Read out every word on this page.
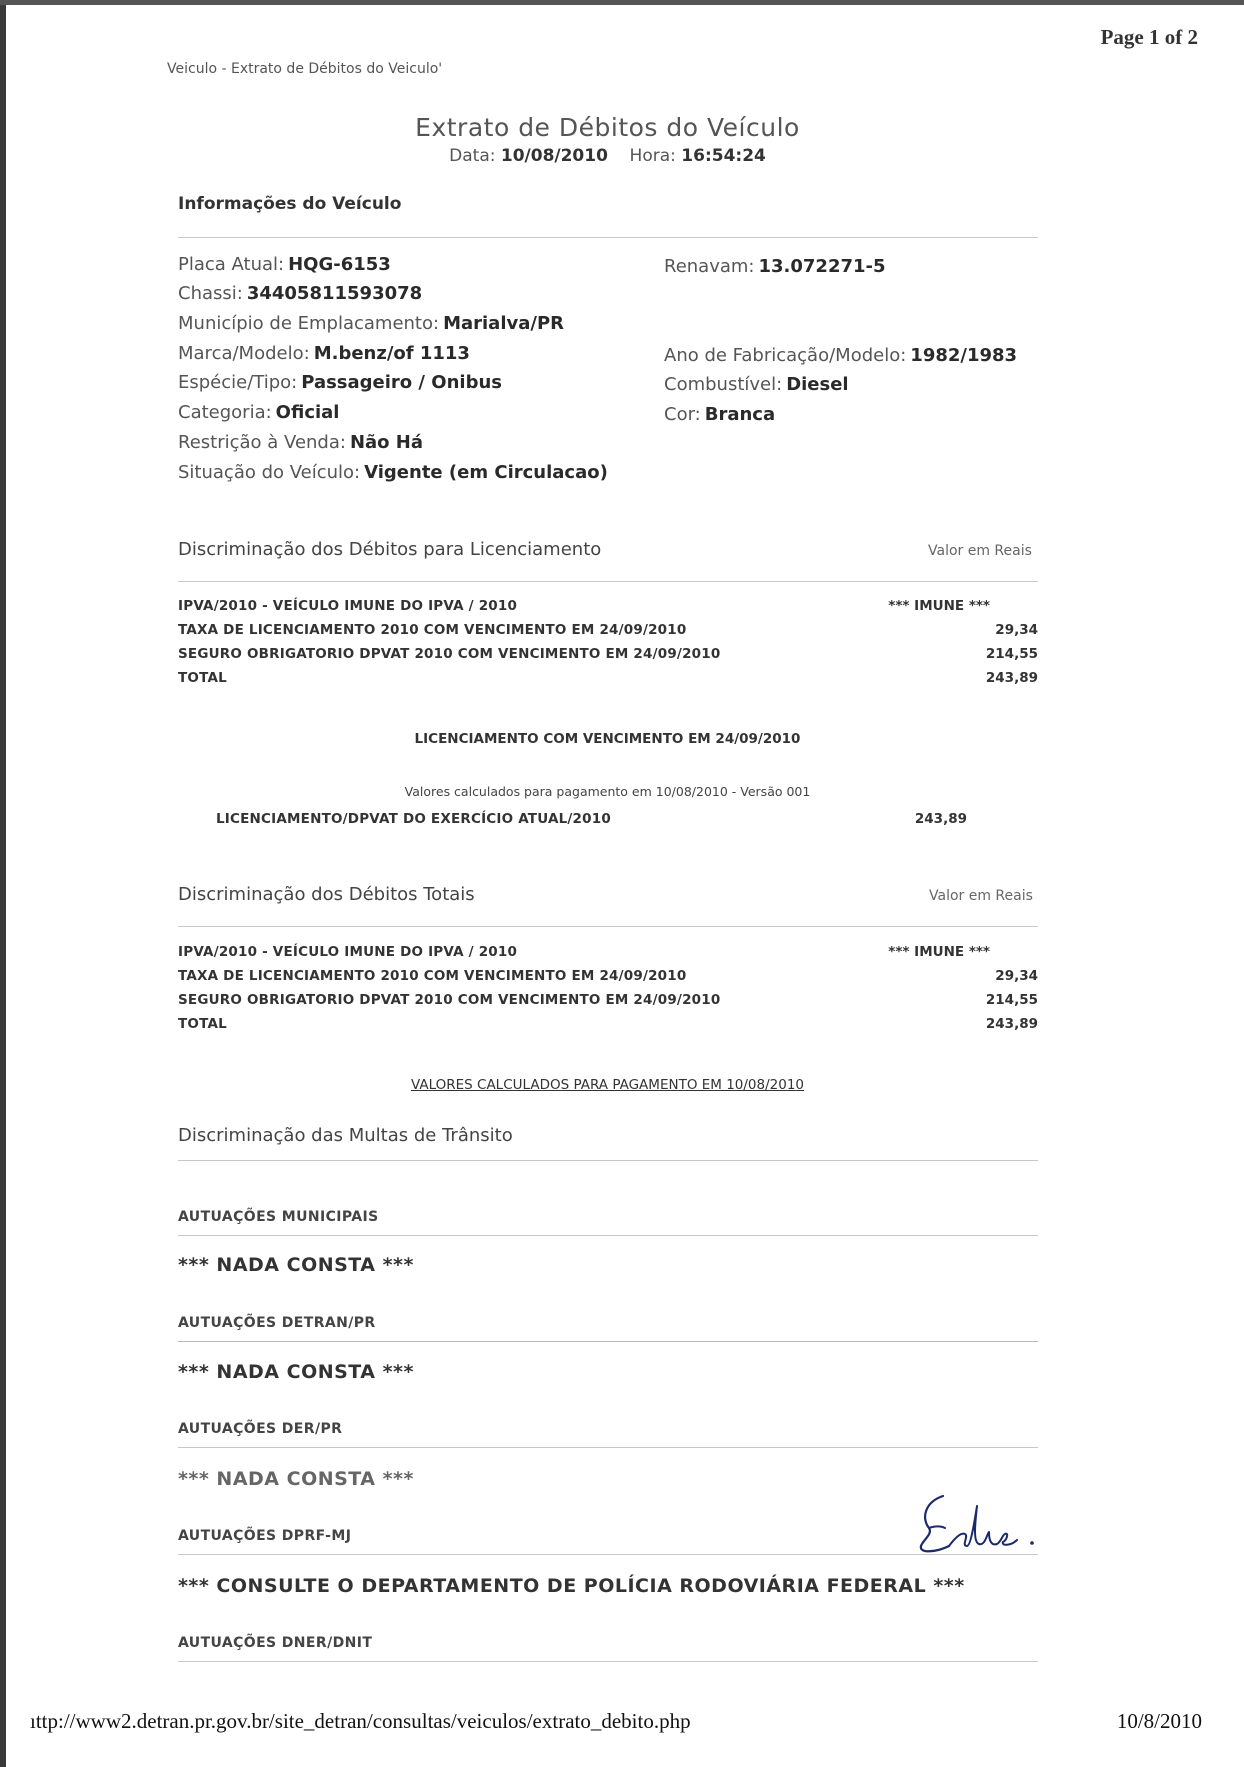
Veiculo - Extrato de Débitos do Veiculo'
Page 1 of 2
Extrato de Débitos do Veículo
Data: 10/08/2010 Hora: 16:54:24
Informações do Veículo
Placa Atual: HQG-6153
Chassi: 34405811593078
Município de Emplacamento: Marialva/PR
Marca/Modelo: M.benz/of 1113
Espécie/Tipo: Passageiro / Onibus
Categoria: Oficial
Restrição à Venda: Não Há
Situação do Veículo: Vigente (em Circulacao)
Renavam: 13.072271-5
Ano de Fabricação/Modelo: 1982/1983
Combustível: Diesel
Cor: Branca
Discriminação dos Débitos para Licenciamento	Valor em Reais
IPVA/2010 - VEÍCULO IMUNE DO IPVA / 2010	*** IMUNE ***
TAXA DE LICENCIAMENTO 2010 COM VENCIMENTO EM 24/09/2010	29,34
SEGURO OBRIGATORIO DPVAT 2010 COM VENCIMENTO EM 24/09/2010	214,55
TOTAL	243,89
LICENCIAMENTO COM VENCIMENTO EM 24/09/2010
Valores calculados para pagamento em 10/08/2010 - Versão 001
LICENCIAMENTO/DPVAT DO EXERCÍCIO ATUAL/2010	243,89
Discriminação dos Débitos Totais	Valor em Reais
IPVA/2010 - VEÍCULO IMUNE DO IPVA / 2010	*** IMUNE ***
TAXA DE LICENCIAMENTO 2010 COM VENCIMENTO EM 24/09/2010	29,34
SEGURO OBRIGATORIO DPVAT 2010 COM VENCIMENTO EM 24/09/2010	214,55
TOTAL	243,89
VALORES CALCULADOS PARA PAGAMENTO EM 10/08/2010
Discriminação das Multas de Trânsito
AUTUAÇÕES MUNICIPAIS
*** NADA CONSTA ***
AUTUAÇÕES DETRAN/PR
*** NADA CONSTA ***
AUTUAÇÕES DER/PR
*** NADA CONSTA ***
AUTUAÇÕES DPRF-MJ
*** CONSULTE O DEPARTAMENTO DE POLÍCIA RODOVIÁRIA FEDERAL ***
AUTUAÇÕES DNER/DNIT
ıttp://www2.detran.pr.gov.br/site_detran/consultas/veiculos/extrato_debito.php	10/8/2010
